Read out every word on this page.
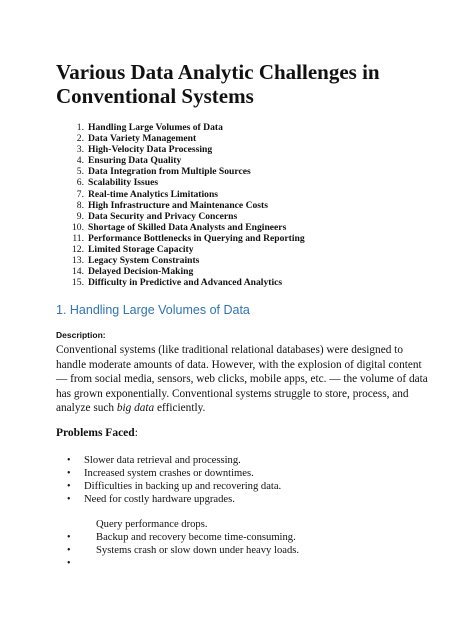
Various Data Analytic Challenges in Conventional Systems
1. Handling Large Volumes of Data
2. Data Variety Management
3. High-Velocity Data Processing
4. Ensuring Data Quality
5. Data Integration from Multiple Sources
6. Scalability Issues
7. Real-time Analytics Limitations
8. High Infrastructure and Maintenance Costs
9. Data Security and Privacy Concerns
10. Shortage of Skilled Data Analysts and Engineers
11. Performance Bottlenecks in Querying and Reporting
12. Limited Storage Capacity
13. Legacy System Constraints
14. Delayed Decision-Making
15. Difficulty in Predictive and Advanced Analytics
1. Handling Large Volumes of Data
Description:

Conventional systems (like traditional relational databases) were designed to handle moderate amounts of data. However, with the explosion of digital content — from social media, sensors, web clicks, mobile apps, etc. — the volume of data has grown exponentially. Conventional systems struggle to store, process, and analyze such big data efficiently.

Problems Faced:
• Slower data retrieval and processing.
• Increased system crashes or downtimes.
• Difficulties in backing up and recovering data.
• Need for costly hardware upgrades.
Query performance drops.
• Backup and recovery become time-consuming.
• Systems crash or slow down under heavy loads.
•
